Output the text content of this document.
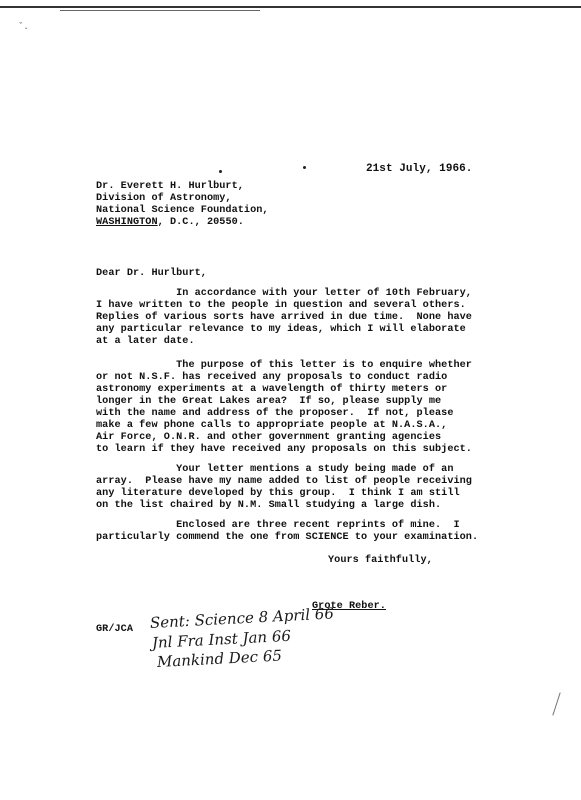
ˇ.
21st July, 1966.
Dr. Everett H. Hurlburt,
Division of Astronomy,
National Science Foundation,
WASHINGTON, D.C., 20550.
Dear Dr. Hurlburt,
In accordance with your letter of 10th February,
I have written to the people in question and several others.
Replies of various sorts have arrived in due time.  None have
any particular relevance to my ideas, which I will elaborate
at a later date.
The purpose of this letter is to enquire whether
or not N.S.F. has received any proposals to conduct radio
astronomy experiments at a wavelength of thirty meters or
longer in the Great Lakes area?  If so, please supply me
with the name and address of the proposer.  If not, please
make a few phone calls to appropriate people at N.A.S.A.,
Air Force, O.N.R. and other government granting agencies
to learn if they have received any proposals on this subject.
Your letter mentions a study being made of an
array.  Please have my name added to list of people receiving
any literature developed by this group.  I think I am still
on the list chaired by N.M. Small studying a large dish.
Enclosed are three recent reprints of mine.  I
particularly commend the one from SCIENCE to your examination.
Yours faithfully,
Grote Reber.
GR/JCA Sent: Science 8 April 66
Jnl Fra Inst Jan 66
Mankind Dec 65
